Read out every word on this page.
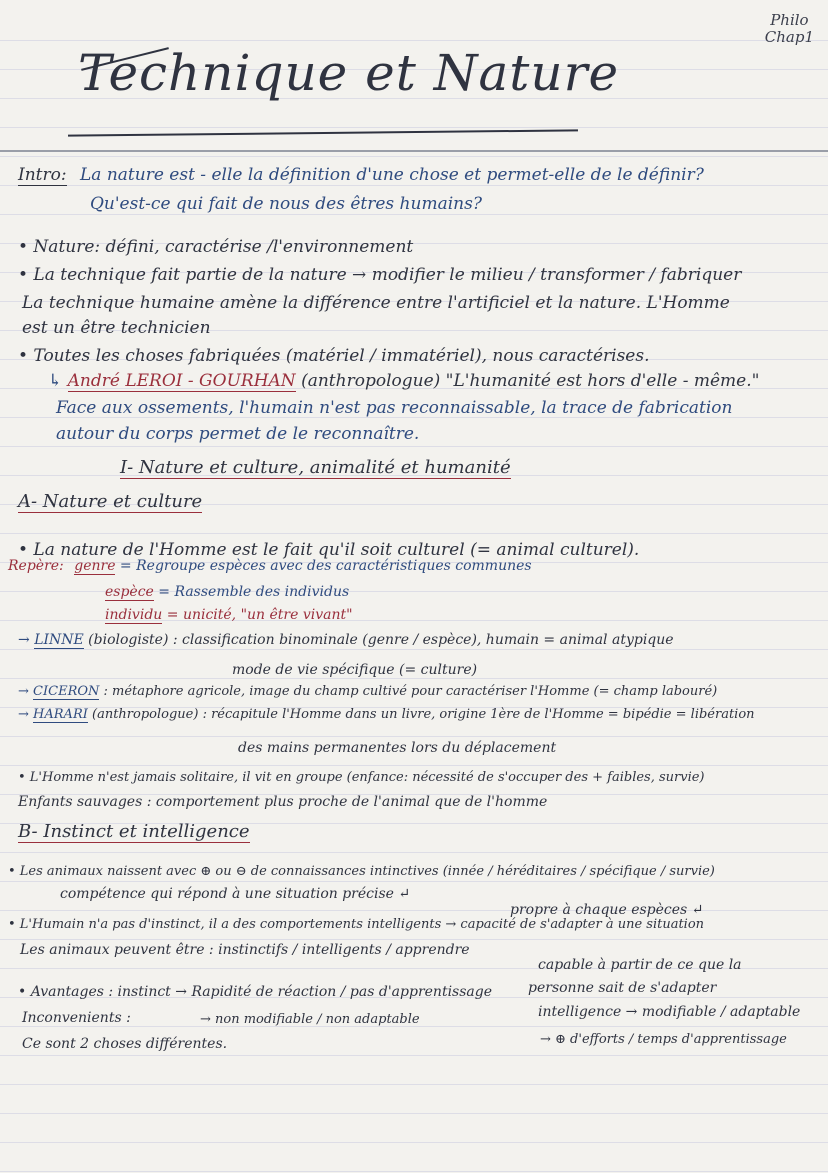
Philo
Chap1
Technique et Nature
Intro: La nature est - elle la définition d'une chose et permet-elle de le définir?
Qu'est-ce qui fait de nous des êtres humains?
• Nature: défini, caractérise /l'environnement
• La technique fait partie de la nature → modifier le milieu / transformer / fabriquer
La technique humaine amène la différence entre l'artificiel et la nature. L'Homme
est un être technicien
• Toutes les choses fabriquées (matériel / immatériel), nous caractérises.
↳ André LEROI - GOURHAN (anthropologue) "L'humanité est hors d'elle - même."
Face aux ossements, l'humain n'est pas reconnaissable, la trace de fabrication
autour du corps permet de le reconnaître.
I- Nature et culture, animalité et humanité
A- Nature et culture
• La nature de l'Homme est le fait qu'il soit culturel (= animal culturel).
Repère: genre = Regroupe espèces avec des caractéristiques communes
espèce = Rassemble des individus
individu = unicité, "un être vivant"
→ LINNE (biologiste) : classification binominale (genre / espèce), humain = animal atypique
mode de vie spécifique (= culture)
→ CICERON : métaphore agricole, image du champ cultivé pour caractériser l'Homme (= champ labouré)
→ HARARI (anthropologue) : récapitule l'Homme dans un livre, origine 1ère de l'Homme = bipédie = libération
des mains permanentes lors du déplacement
• L'Homme n'est jamais solitaire, il vit en groupe (enfance: nécessité de s'occuper des + faibles, survie)
Enfants sauvages : comportement plus proche de l'animal que de l'homme
B- Instinct et intelligence
• Les animaux naissent avec ⊕ ou ⊖ de connaissances intinctives (innée / héréditaires / spécifique / survie)
compétence qui répond à une situation précise ↵
propre à chaque espèces ↵
• L'Humain n'a pas d'instinct, il a des comportements intelligents → capacité de s'adapter à une situation
Les animaux peuvent être : instinctifs / intelligents / apprendre
capable à partir de ce que la
personne sait de s'adapter
• Avantages : instinct → Rapidité de réaction / pas d'apprentissage
intelligence → modifiable / adaptable
Inconvenients :	→ non modifiable / non adaptable
→ ⊕ d'efforts / temps d'apprentissage
Ce sont 2 choses différentes.
